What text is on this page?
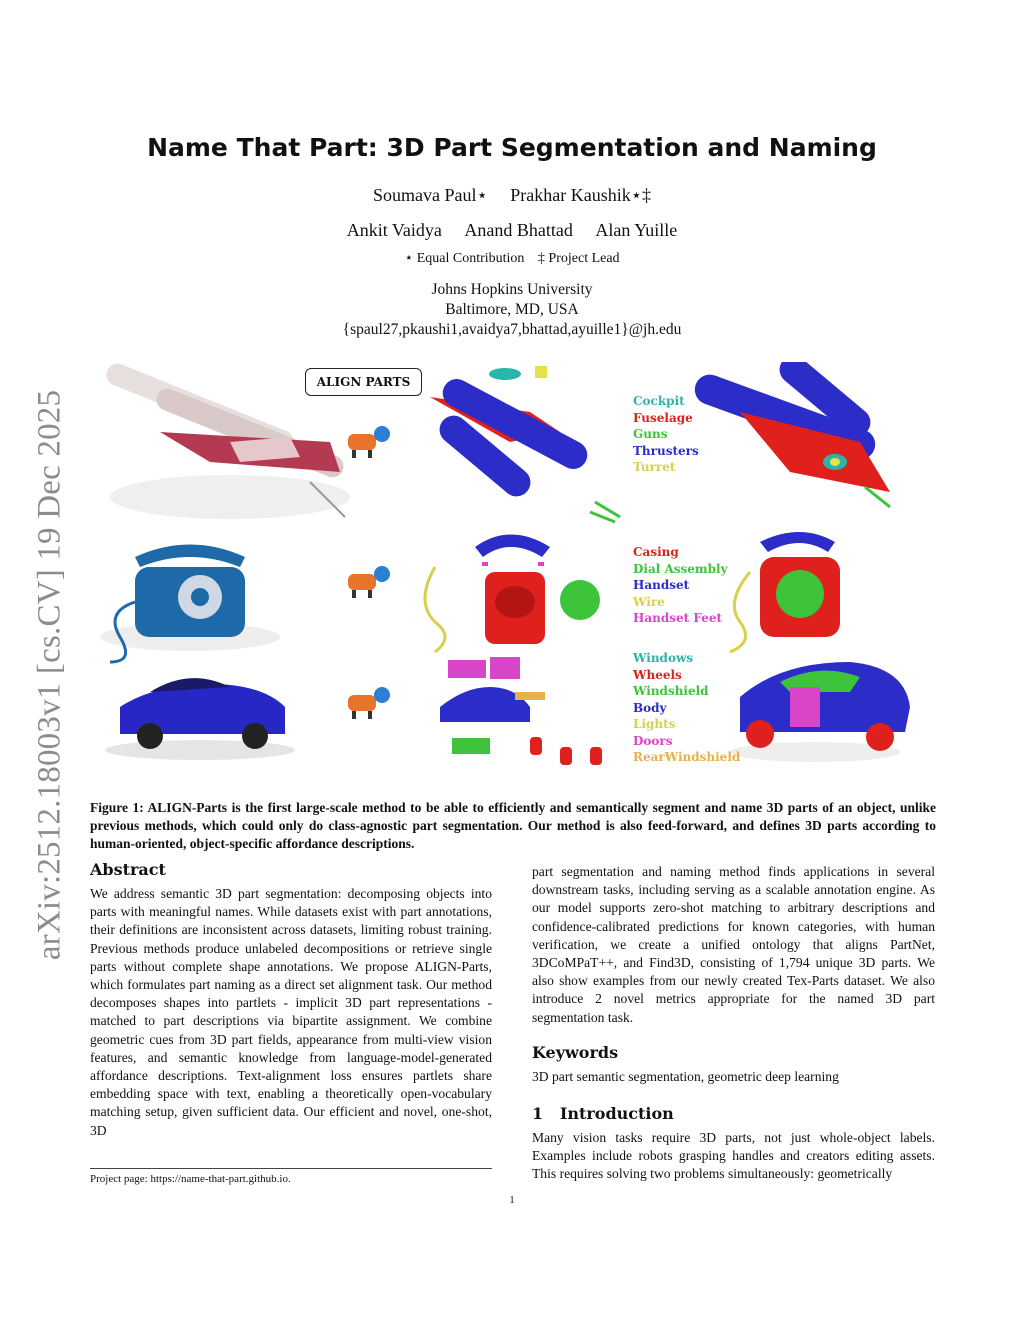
arXiv:2512.18003v1 [cs.CV] 19 Dec 2025
Name That Part: 3D Part Segmentation and Naming
Soumava Paul⋆ Prakhar Kaushik⋆‡
Ankit Vaidya Anand Bhattad Alan Yuille
⋆ Equal Contribution ‡ Project Lead
Johns Hopkins University
Baltimore, MD, USA
{spaul27,pkaushi1,avaidya7,bhattad,ayuille1}@jh.edu
ALIGN PARTS
Cockpit
Fuselage
Guns
Thrusters
Turret
Casing
Dial Assembly
Handset
Wire
Handset Feet
Windows
Wheels
Windshield
Body
Lights
Doors
RearWindshield
Figure 1: ALIGN-Parts is the first large-scale method to be able to efficiently and semantically segment and name 3D parts of an object, unlike previous methods, which could only do class-agnostic part segmentation. Our method is also feed-forward, and defines 3D parts according to human-oriented, object-specific affordance descriptions.
Abstract

We address semantic 3D part segmentation: decomposing objects into parts with meaningful names. While datasets exist with part annotations, their definitions are inconsistent across datasets, limiting robust training. Previous methods produce unlabeled decompositions or retrieve single parts without complete shape annotations. We propose ALIGN-Parts, which formulates part naming as a direct set alignment task. Our method decomposes shapes into partlets - implicit 3D part representations - matched to part descriptions via bipartite assignment. We combine geometric cues from 3D part fields, appearance from multi-view vision features, and semantic knowledge from language-model-generated affordance descriptions. Text-alignment loss ensures partlets share embedding space with text, enabling a theoretically open-vocabulary matching setup, given sufficient data. Our efficient and novel, one-shot, 3D

part segmentation and naming method finds applications in several downstream tasks, including serving as a scalable annotation engine. As our model supports zero-shot matching to arbitrary descriptions and confidence-calibrated predictions for known categories, with human verification, we create a unified ontology that aligns PartNet, 3DCoMPaT++, and Find3D, consisting of 1,794 unique 3D parts. We also show examples from our newly created Tex-Parts dataset. We also introduce 2 novel metrics appropriate for the named 3D part segmentation task.

Keywords

3D part semantic segmentation, geometric deep learning

1   Introduction

Many vision tasks require 3D parts, not just whole-object labels. Examples include robots grasping handles and creators editing assets. This requires solving two problems simultaneously: geometrically

Project page: https://name-that-part.github.io.
1
